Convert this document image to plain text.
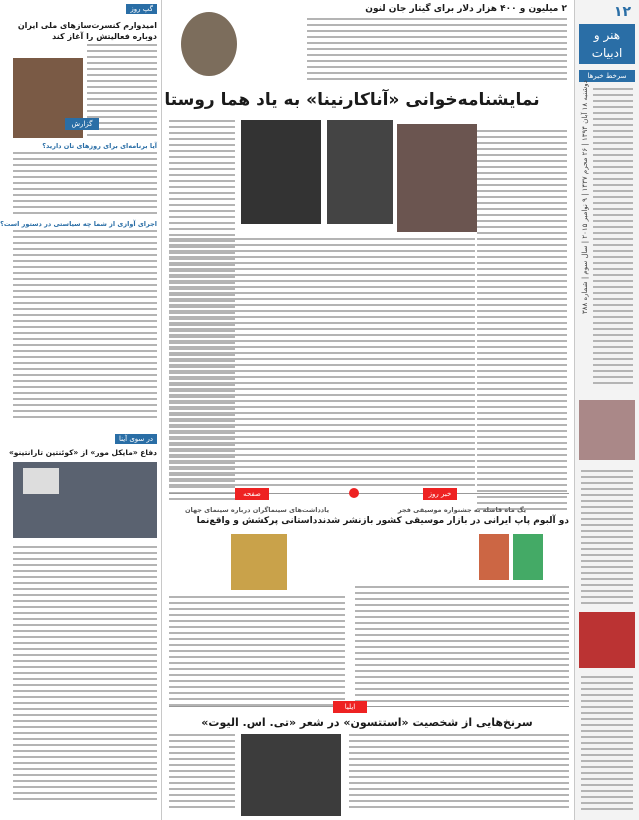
۱۲
هنر و ادبیات
سرخط خبرها
دوشنبه ۱۸ آبان ۱۳۹۴ | ۲۶ محرم ۱۴۳۷ | ۹ نوامبر ۲۰۱۵ | سال سوم | شماره ۳۸۸
گپ روز
امیدوارم کنسرت‌سازهای ملی ایران دوباره فعالیتش را آغاز کند
آیا برنامه‌ای برای روزهای تان دارید؟
اجرای آوازی از شما چه سیاستی در دستور است؟
در سوی آینا
دفاع «مایکل مور» از «کوئنتین تارانتینو»
۲ میلیون و ۴۰۰ هزار دلار برای گیتار جان لنون
نمایشنامه‌خوانی «آناکارنینا» به یاد هما روستا
گزارش
صفحه	خبر روز
یادداشت‌های سینماگران درباره سینمای جهان
داستانی پرکشش و واقع‌نما
یگ ماه قاصله به جشنواره موسیقی فجر
دو آلبوم پاپ ایرانی در بازار موسیقی کشور بازنشر شدند
ایلیا
سرنخ‌هایی از شخصیت «استتسون» در شعر «تی. اس. الیوت»
